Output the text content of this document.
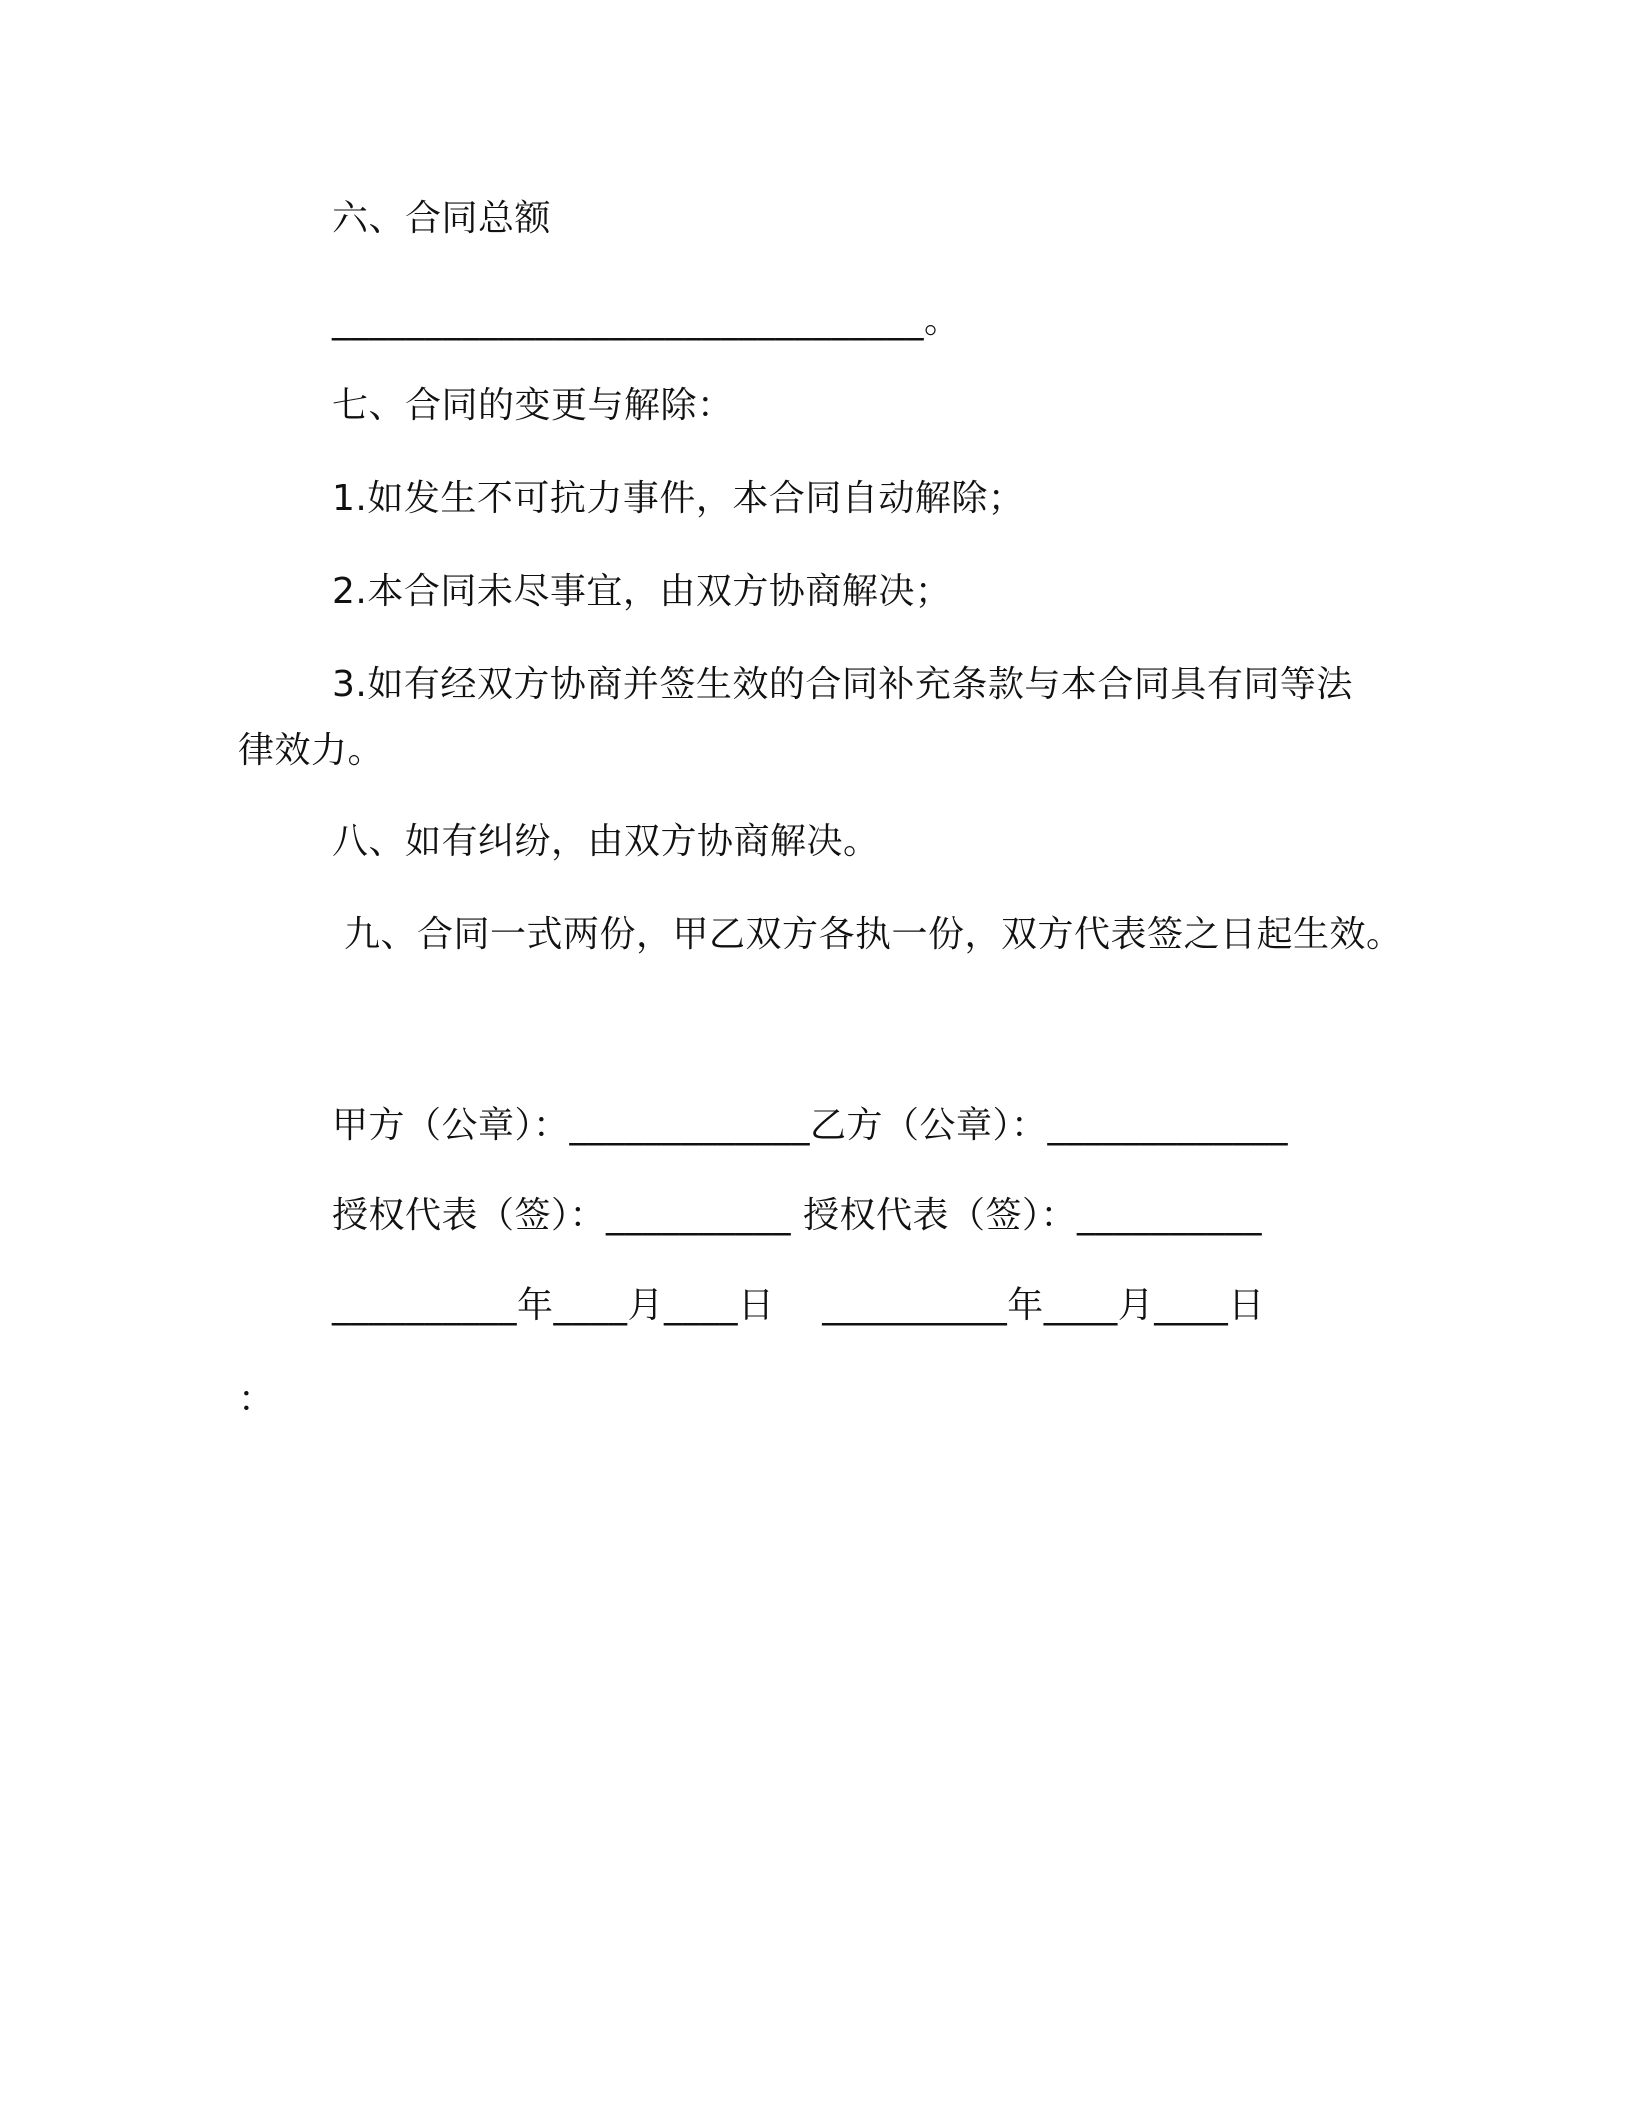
六、合同总额
________________________________。
七、合同的变更与解除：
1.如发生不可抗力事件，本合同自动解除；
2.本合同未尽事宜，由双方协商解决；
3.如有经双方协商并签生效的合同补充条款与本合同具有同等法
律效力。
八、如有纠纷，由双方协商解决。
九、合同一式两份，甲乙双方各执一份，双方代表签之日起生效。
甲方（公章）：_____________乙方（公章）：_____________
授权代表（签）：__________ 授权代表（签）：__________
__________年____月____日    __________年____月____日
：
